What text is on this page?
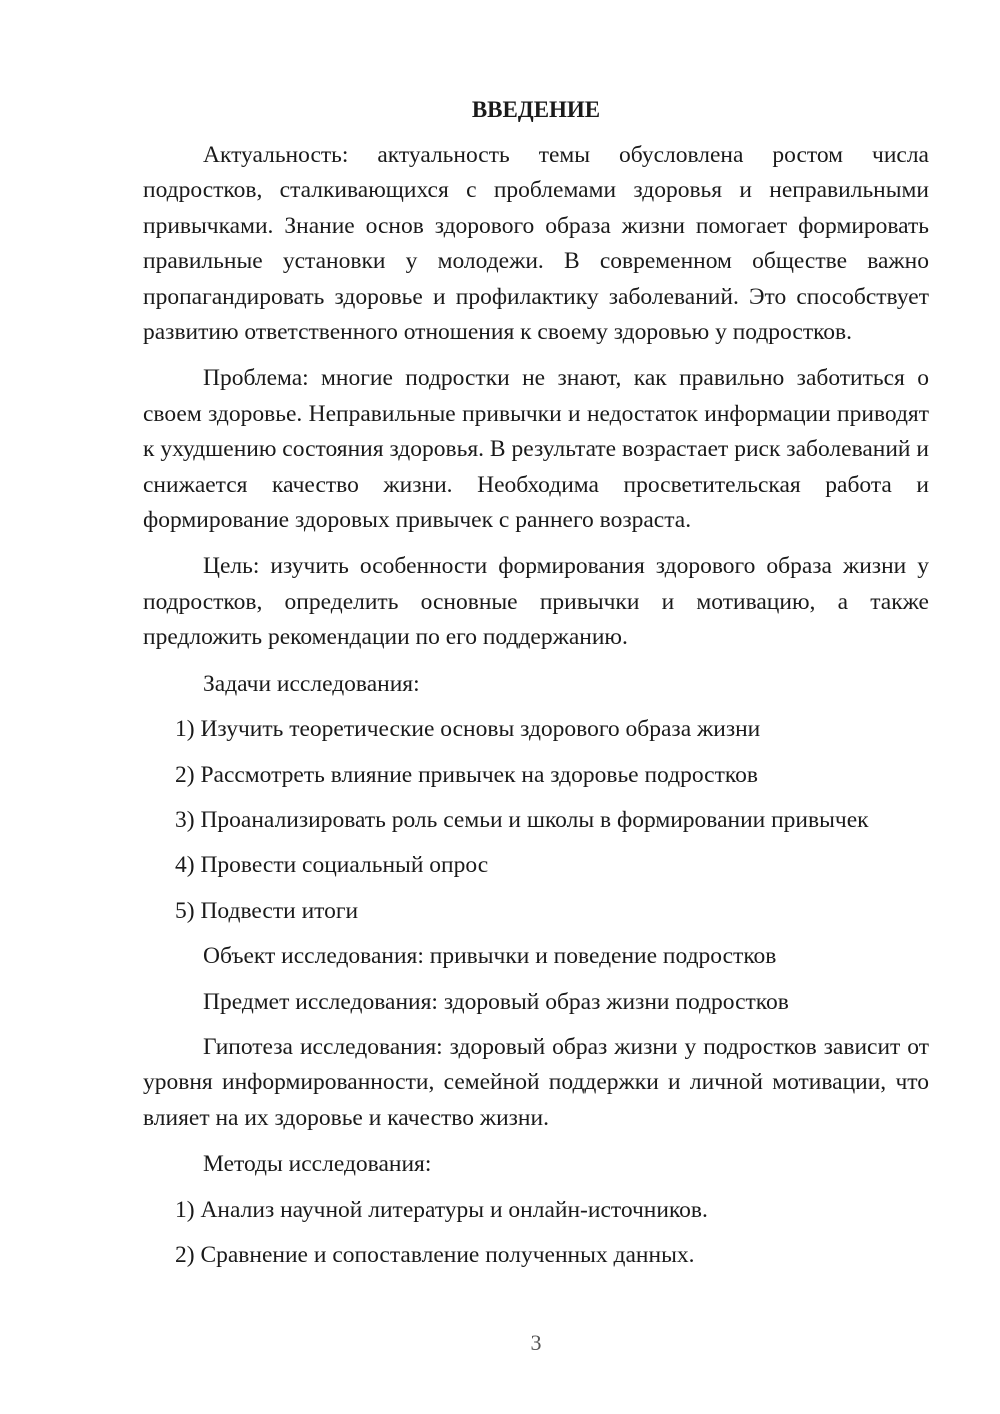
ВВЕДЕНИЕ

Актуальность: актуальность темы обусловлена ростом числа подростков, сталкивающихся с проблемами здоровья и неправильными привычками. Знание основ здорового образа жизни помогает формировать правильные установки у молодежи. В современном обществе важно пропагандировать здоровье и профилактику заболеваний. Это способствует развитию ответственного отношения к своему здоровью у подростков.

Проблема: многие подростки не знают, как правильно заботиться о своем здоровье. Неправильные привычки и недостаток информации приводят к ухудшению состояния здоровья. В результате возрастает риск заболеваний и снижается качество жизни. Необходима просветительская работа и формирование здоровых привычек с раннего возраста.

Цель: изучить особенности формирования здорового образа жизни у подростков, определить основные привычки и мотивацию, а также предложить рекомендации по его поддержанию.

Задачи исследования:
1) Изучить теоретические основы здорового образа жизни
2) Рассмотреть влияние привычек на здоровье подростков
3) Проанализировать роль семьи и школы в формировании привычек
4) Провести социальный опрос
5) Подвести итоги
Объект исследования: привычки и поведение подростков
Предмет исследования: здоровый образ жизни подростков

Гипотеза исследования: здоровый образ жизни у подростков зависит от уровня информированности, семейной поддержки и личной мотивации, что влияет на их здоровье и качество жизни.

Методы исследования:
1) Анализ научной литературы и онлайн-источников.
2) Сравнение и сопоставление полученных данных.
3
